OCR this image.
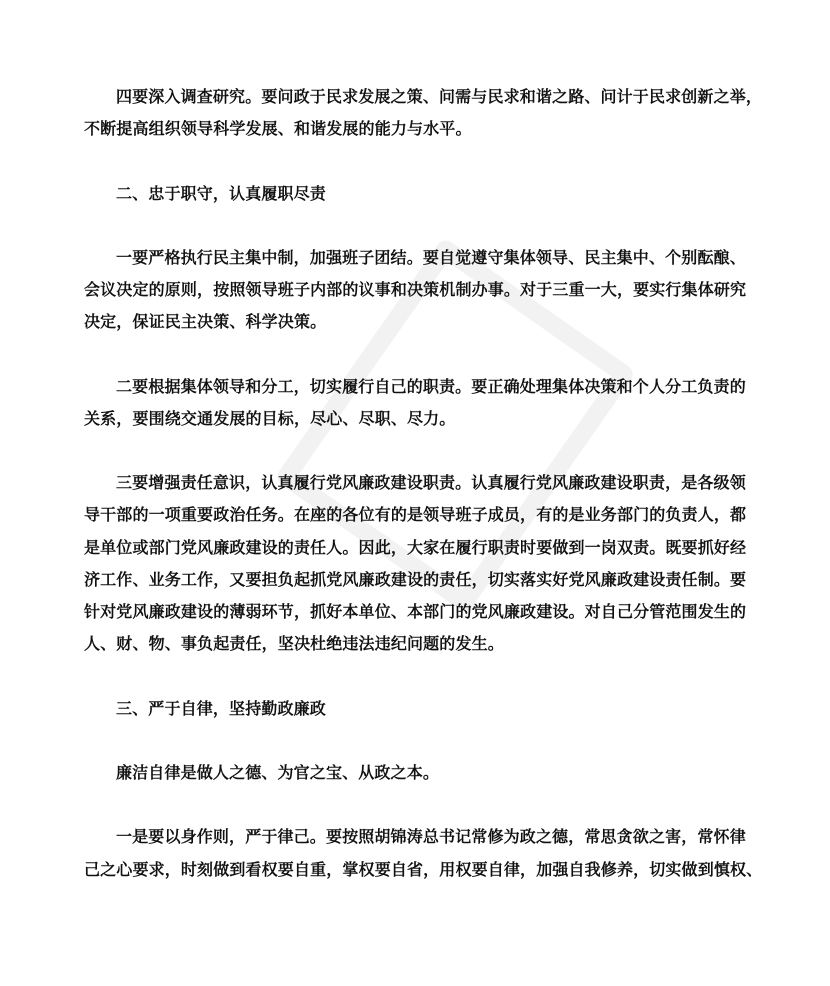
四要深入调查研究。要问政于民求发展之策、问需与民求和谐之路、问计于民求创新之举，
不断提高组织领导科学发展、和谐发展的能力与水平。
二、忠于职守，认真履职尽责
一要严格执行民主集中制，加强班子团结。要自觉遵守集体领导、民主集中、个别酝酿、
会议决定的原则，按照领导班子内部的议事和决策机制办事。对于三重一大，要实行集体研究
决定，保证民主决策、科学决策。
二要根据集体领导和分工，切实履行自己的职责。要正确处理集体决策和个人分工负责的
关系，要围绕交通发展的目标，尽心、尽职、尽力。
三要增强责任意识，认真履行党风廉政建设职责。认真履行党风廉政建设职责，是各级领
导干部的一项重要政治任务。在座的各位有的是领导班子成员，有的是业务部门的负责人，都
是单位或部门党风廉政建设的责任人。因此，大家在履行职责时要做到一岗双责。既要抓好经
济工作、业务工作，又要担负起抓党风廉政建设的责任，切实落实好党风廉政建设责任制。要
针对党风廉政建设的薄弱环节，抓好本单位、本部门的党风廉政建设。对自己分管范围发生的
人、财、物、事负起责任，坚决杜绝违法违纪问题的发生。
三、严于自律，坚持勤政廉政
廉洁自律是做人之德、为官之宝、从政之本。
一是要以身作则，严于律己。要按照胡锦涛总书记常修为政之德，常思贪欲之害，常怀律
己之心要求，时刻做到看权要自重，掌权要自省，用权要自律，加强自我修养，切实做到慎权、
